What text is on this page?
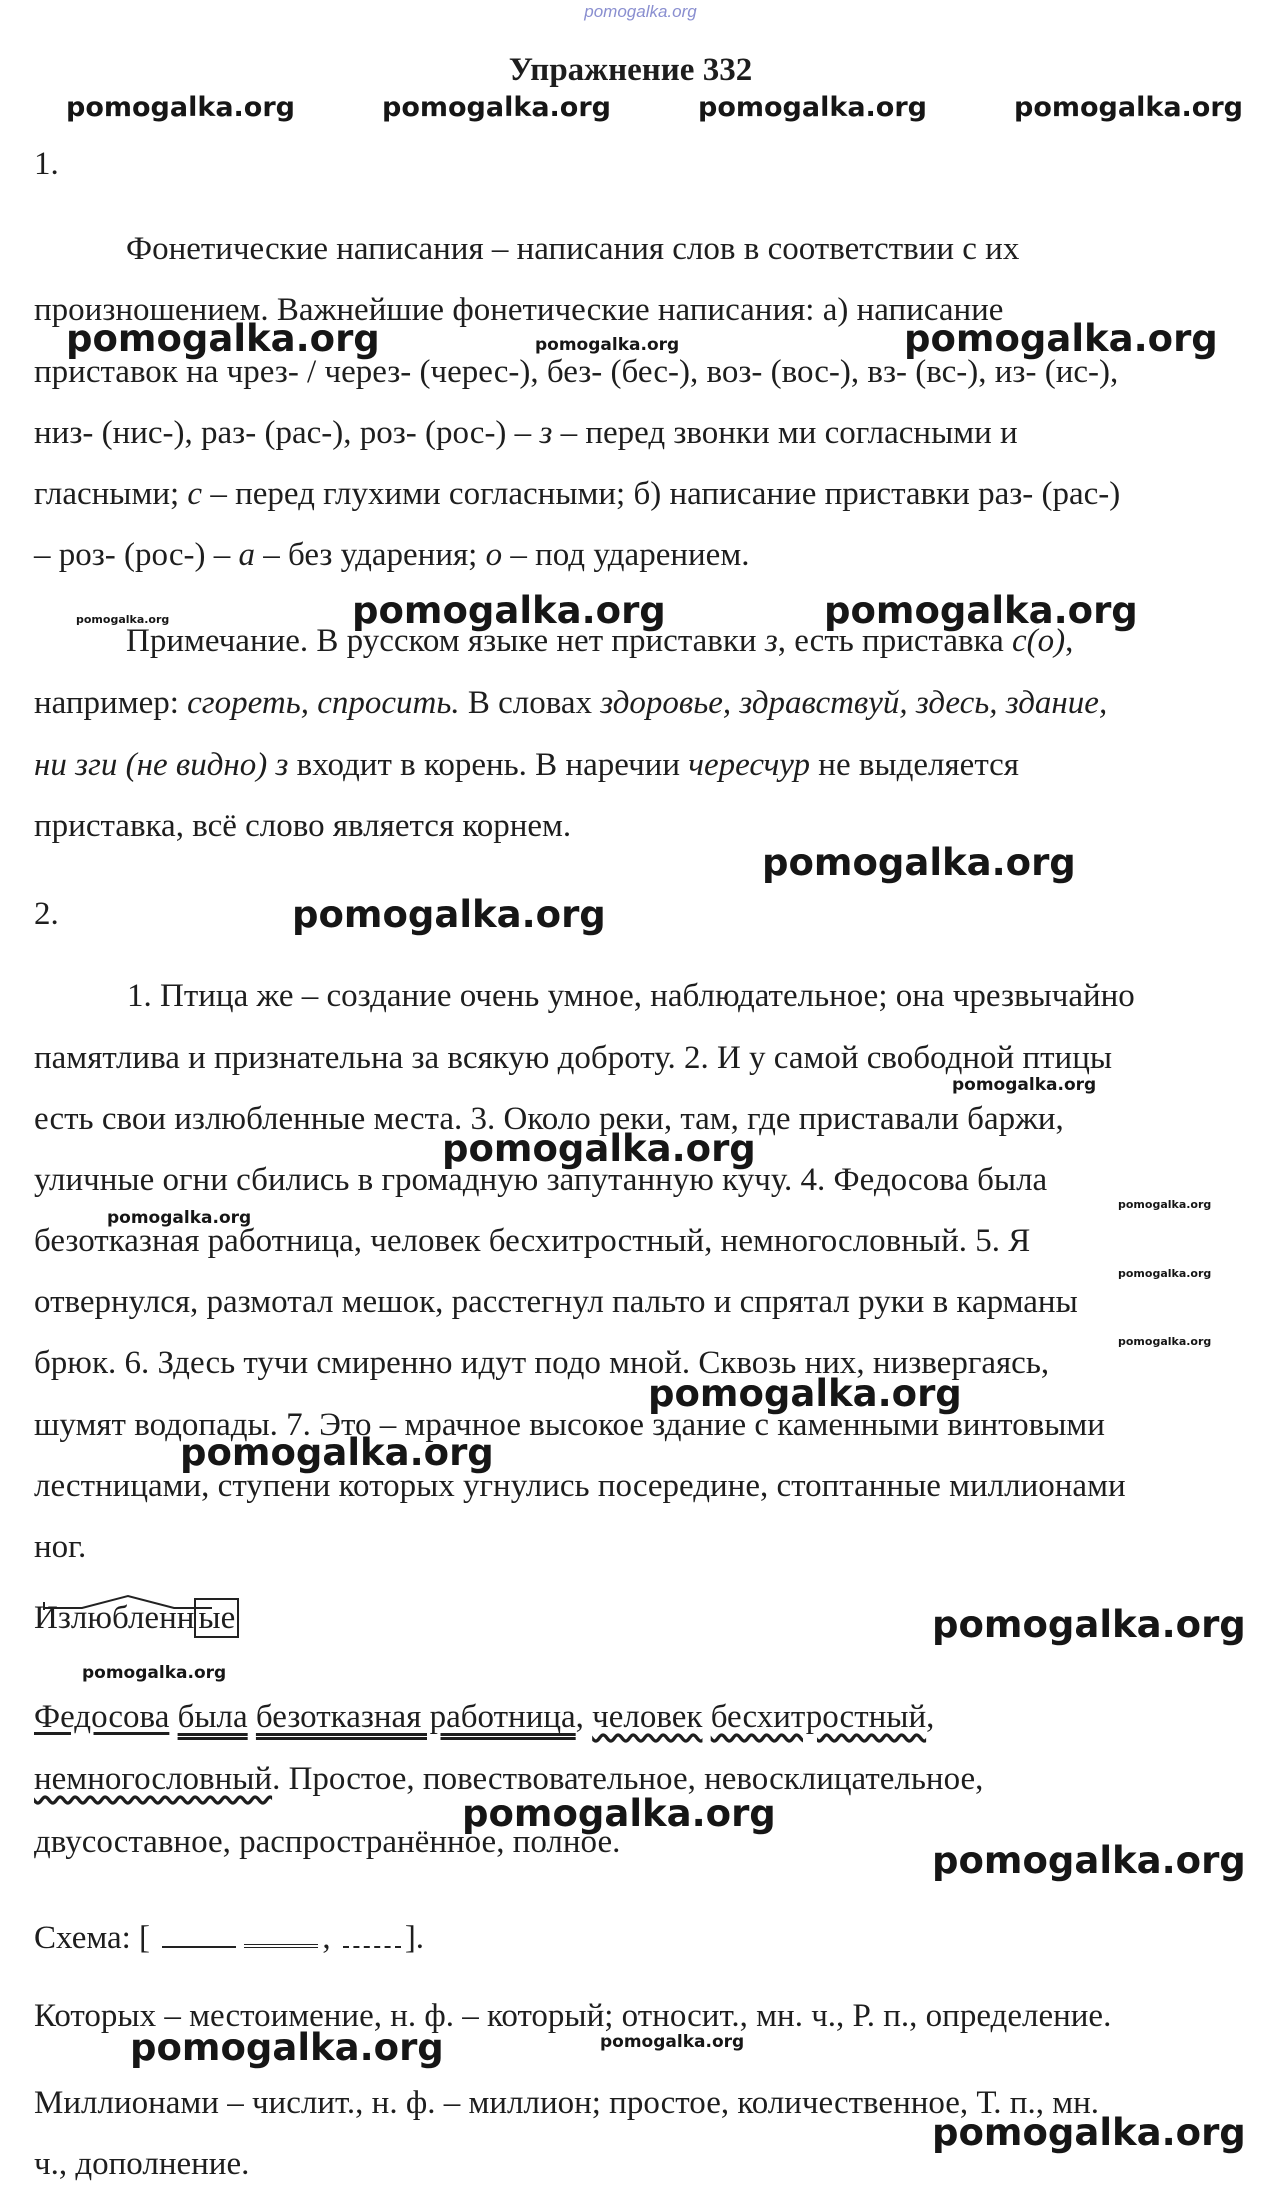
pomogalka.org
Упражнение 332
pomogalka.org	pomogalka.org	pomogalka.org	pomogalka.org
1.
Фонетические написания – написания слов в соответствии с их
произношением. Важнейшие фонетические написания: а) написание
приставок на чрез- / через- (черес-), без- (бес-), воз- (вос-), вз- (вс-), из- (ис-),
низ- (нис-), раз- (рас-), роз- (рос-) – з – перед звонки ми согласными и
гласными; с – перед глухими согласными; б) написание приставки раз- (рас-)
– роз- (рос-) – а – без ударения; о – под ударением.
pomogalka.org	pomogalka.org	pomogalka.org
pomogalka.org	pomogalka.org	pomogalka.org
Примечание. В русском языке нет приставки з, есть приставка с(о),
например: сгореть, спросить. В словах здоровье, здравствуй, здесь, здание,
ни зги (не видно) з входит в корень. В наречии чересчур не выделяется
приставка, всё слово является корнем.
pomogalka.org
2.	pomogalka.org
1. Птица же – создание очень умное, наблюдательное; она чрезвычайно
памятлива и признательна за всякую доброту. 2. И у самой свободной птицы
pomogalka.org
есть свои излюбленные места. 3. Около реки, там, где приставали баржи,
pomogalka.org
уличные огни сбились в громадную запутанную кучу. 4. Федосова была
pomogalka.org
pomogalka.org
безотказная работница, человек бесхитростный, немногословный. 5. Я
pomogalka.org
отвернулся, размотал мешок, расстегнул пальто и спрятал руки в карманы
pomogalka.org
брюк. 6. Здесь тучи смиренно идут подо мной. Сквозь них, низвергаясь,
pomogalka.org
шумят водопады. 7. Это – мрачное высокое здание с каменными винтовыми
pomogalka.org
лестницами, ступени которых угнулись посередине, стоптанные миллионами
ног.
Излюбленн ые	pomogalka.org
pomogalka.org
Федосова была безотказная работница, человек бесхитростный,
немногословный. Простое, повествовательное, невосклицательное,
pomogalka.org
двусоставное, распространённое, полное.	pomogalka.org
Схема: [	, ].
Которых – местоимение, н. ф. – который; относит., мн. ч., Р. п., определение.
pomogalka.org	pomogalka.org
Миллионами – числит., н. ф. – миллион; простое, количественное, Т. п., мн.
pomogalka.org
ч., дополнение.
